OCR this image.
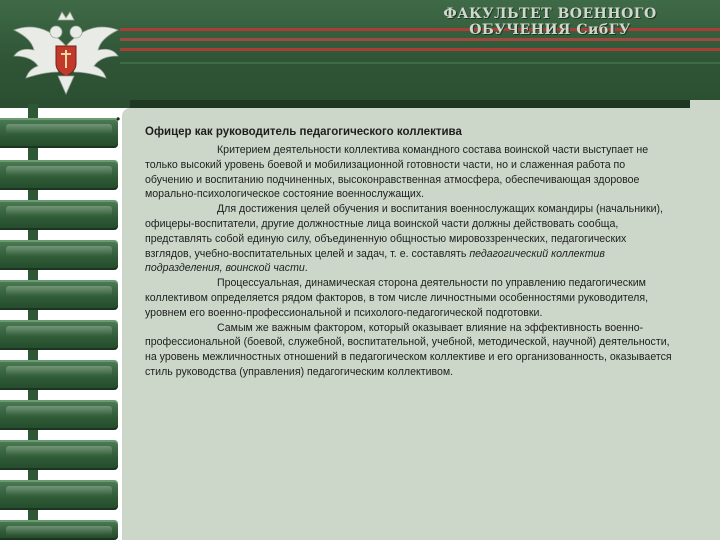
ФАКУЛЬТЕТ ВОЕННОГО ОБУЧЕНИЯ СибГУ
•
Офицер как руководитель педагогического коллектива

Критерием деятельности коллектива командного состава воинской части выступает не только высокий уровень боевой и мобилизационной готовности части, но и слаженная работа по обучению и воспитанию подчиненных, высоконравственная атмосфера, обеспечивающая здоровое морально-психологическое состояние военнослужащих.

Для достижения целей обучения и воспитания военнослужащих командиры (начальники), офицеры-воспитатели, другие должностные лица воинской части должны действовать сообща, представлять собой единую силу, объединенную общностью мировоззренческих, педагогических взглядов, учебно-воспитательных целей и задач, т. е. составлять педагогический коллектив подразделения, воинской части.

Процессуальная, динамическая сторона деятельности по управлению педагогическим коллективом определяется рядом факторов, в том числе личностными особенностями руководителя, уровнем его военно-профессиональной и психолого-педагогической подготовки.

Самым же важным фактором, который оказывает влияние на эффективность военно-профессиональной (боевой, служебной, воспитательной, учебной, методической, научной) деятельности, на уровень межличностных отношений в педагогическом коллективе и его организованность, оказывается стиль руководства (управления) педагогическим коллективом.
